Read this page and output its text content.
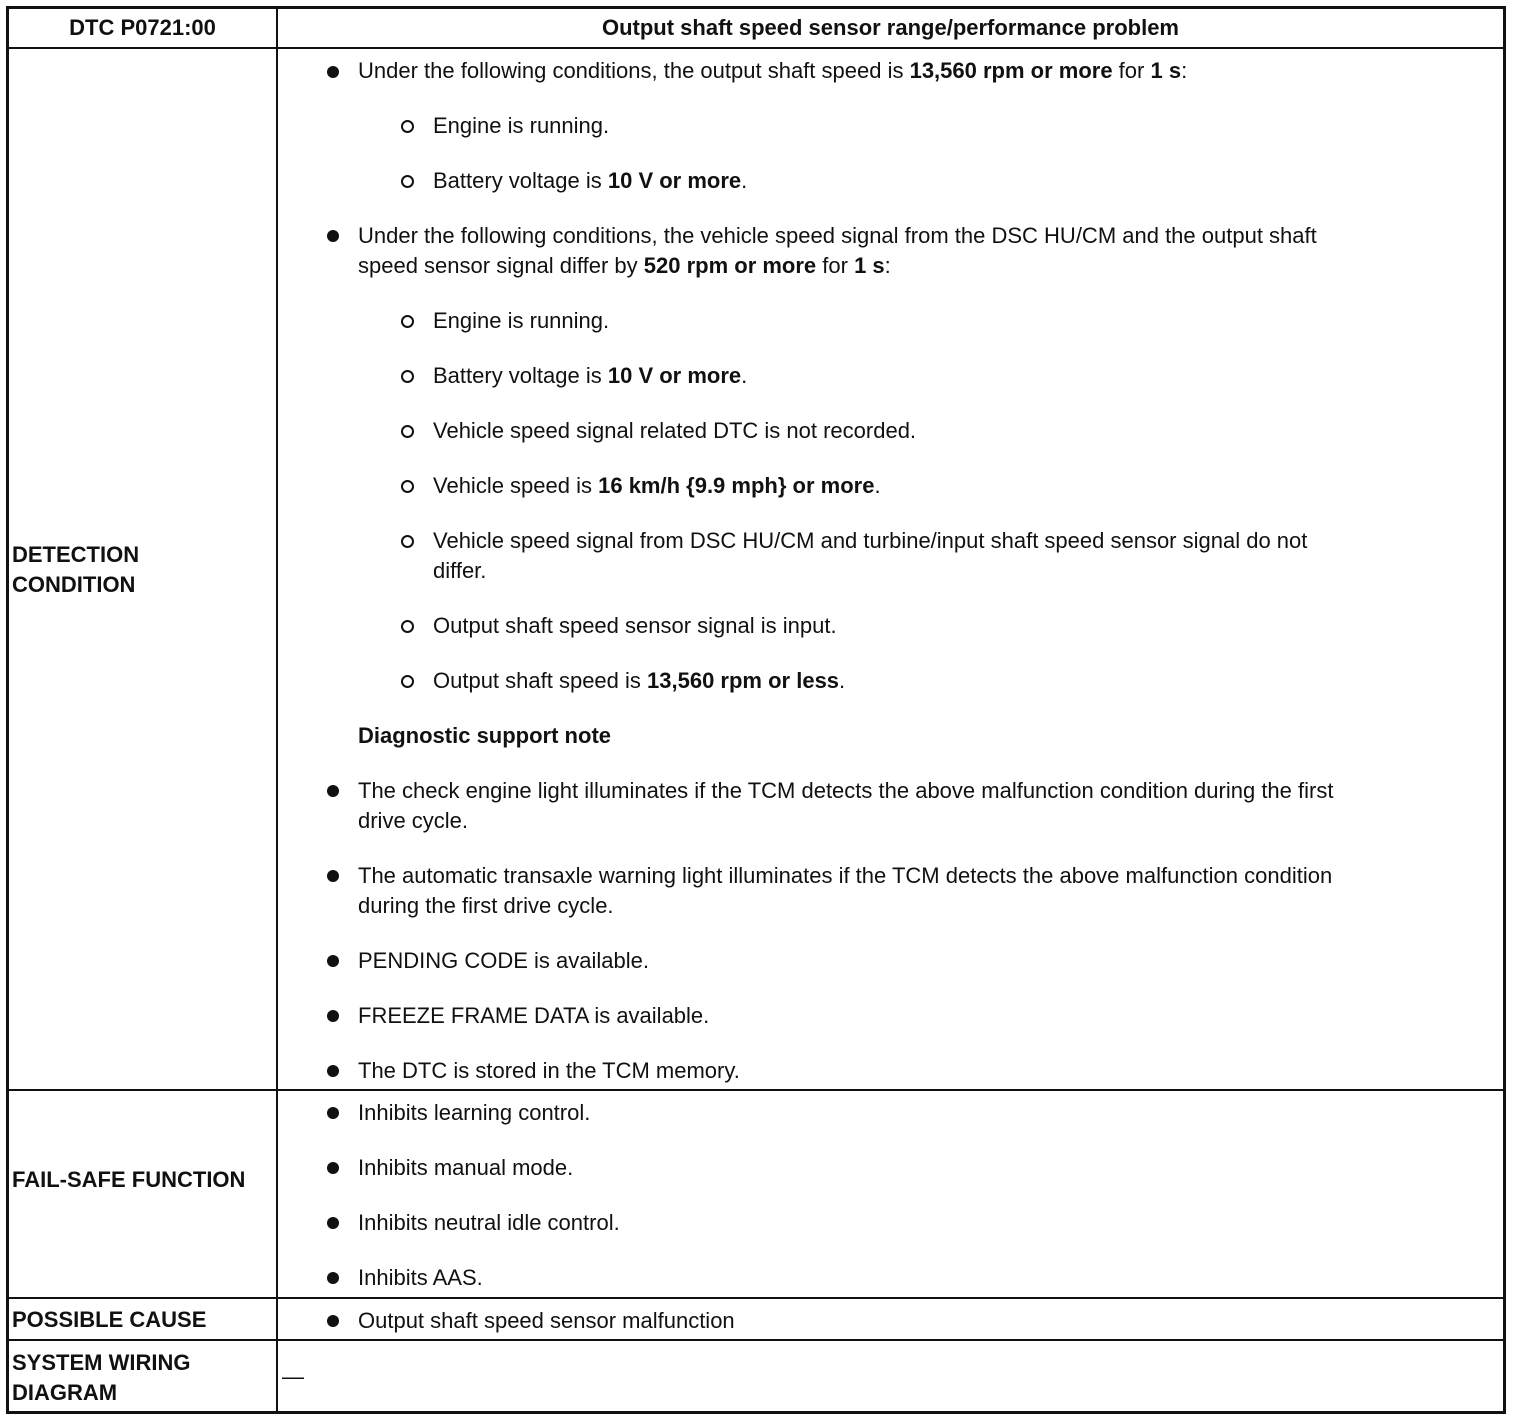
DTC P0721:00	Output shaft speed sensor range/performance problem
DETECTION CONDITION
Under the following conditions, the output shaft speed is 13,560 rpm or more for 1 s:
Engine is running.
Battery voltage is 10 V or more.
Under the following conditions, the vehicle speed signal from the DSC HU/CM and the output shaft
speed sensor signal differ by 520 rpm or more for 1 s:
Engine is running.
Battery voltage is 10 V or more.
Vehicle speed signal related DTC is not recorded.
Vehicle speed is 16 km/h {9.9 mph} or more.
Vehicle speed signal from DSC HU/CM and turbine/input shaft speed sensor signal do not
differ.
Output shaft speed sensor signal is input.
Output shaft speed is 13,560 rpm or less.
Diagnostic support note
The check engine light illuminates if the TCM detects the above malfunction condition during the first
drive cycle.
The automatic transaxle warning light illuminates if the TCM detects the above malfunction condition
during the first drive cycle.
PENDING CODE is available.
FREEZE FRAME DATA is available.
The DTC is stored in the TCM memory.
FAIL-SAFE FUNCTION
Inhibits learning control.
Inhibits manual mode.
Inhibits neutral idle control.
Inhibits AAS.
POSSIBLE CAUSE	Output shaft speed sensor malfunction
SYSTEM WIRING DIAGRAM
—
